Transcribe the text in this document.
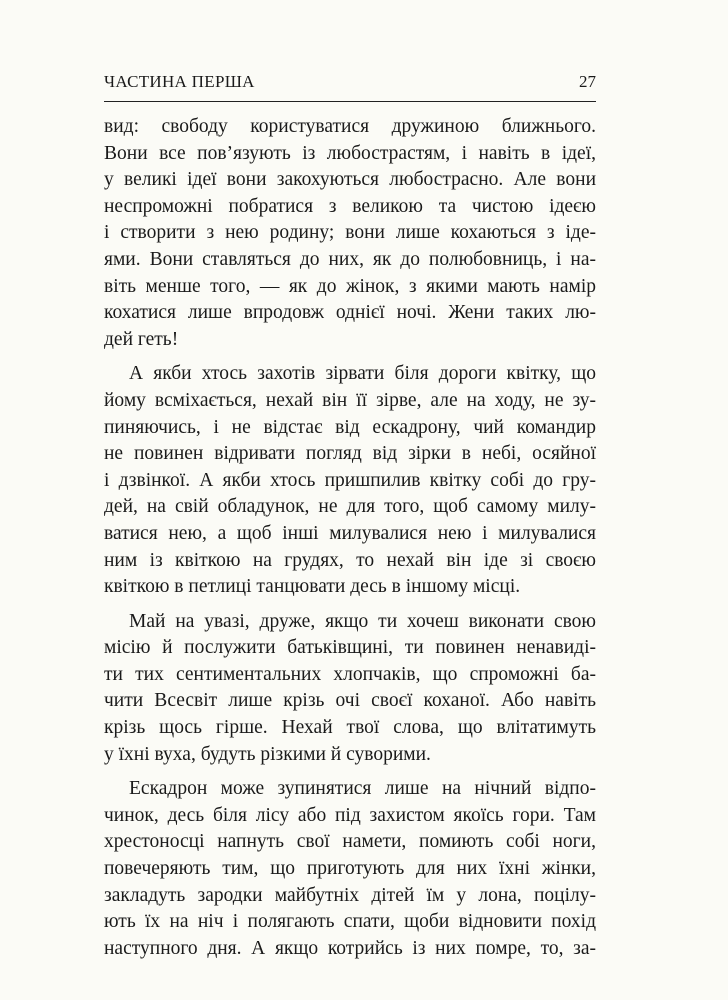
ЧАСТИНА ПЕРША	27
вид: свободу користуватися дружиною ближнього.
Вони все пов’язують із любострастям, і навіть в ідеї,
у великі ідеї вони закохуються любострасно. Але вони
неспроможні побратися з великою та чистою ідеєю
і створити з нею родину; вони лише кохаються з іде-
ями. Вони ставляться до них, як до полюбовниць, і на-
віть менше того, — як до жінок, з якими мають намір
кохатися лише впродовж однієї ночі. Жени таких лю-
дей геть!
А якби хтось захотів зірвати біля дороги квітку, що
йому всміхається, нехай він її зірве, але на ходу, не зу-
пиняючись, і не відстає від ескадрону, чий командир
не повинен відривати погляд від зірки в небі, осяйної
і дзвінкої. А якби хтось пришпилив квітку собі до гру-
дей, на свій обладунок, не для того, щоб самому милу-
ватися нею, а щоб інші милувалися нею і милувалися
ним із квіткою на грудях, то нехай він іде зі своєю
квіткою в петлиці танцювати десь в іншому місці.
Май на увазі, друже, якщо ти хочеш виконати свою
місію й послужити батьківщині, ти повинен ненавиді-
ти тих сентиментальних хлопчаків, що спроможні ба-
чити Всесвіт лише крізь очі своєї коханої. Або навіть
крізь щось гірше. Нехай твої слова, що влітатимуть
у їхні вуха, будуть різкими й суворими.
Ескадрон може зупинятися лише на нічний відпо-
чинок, десь біля лісу або під захистом якоїсь гори. Там
хрестоносці напнуть свої намети, помиють собі ноги,
повечеряють тим, що приготують для них їхні жінки,
закладуть зародки майбутніх дітей їм у лона, поцілу-
ють їх на ніч і полягають спати, щоби відновити похід
наступного дня. А якщо котрийсь із них помре, то, за-
